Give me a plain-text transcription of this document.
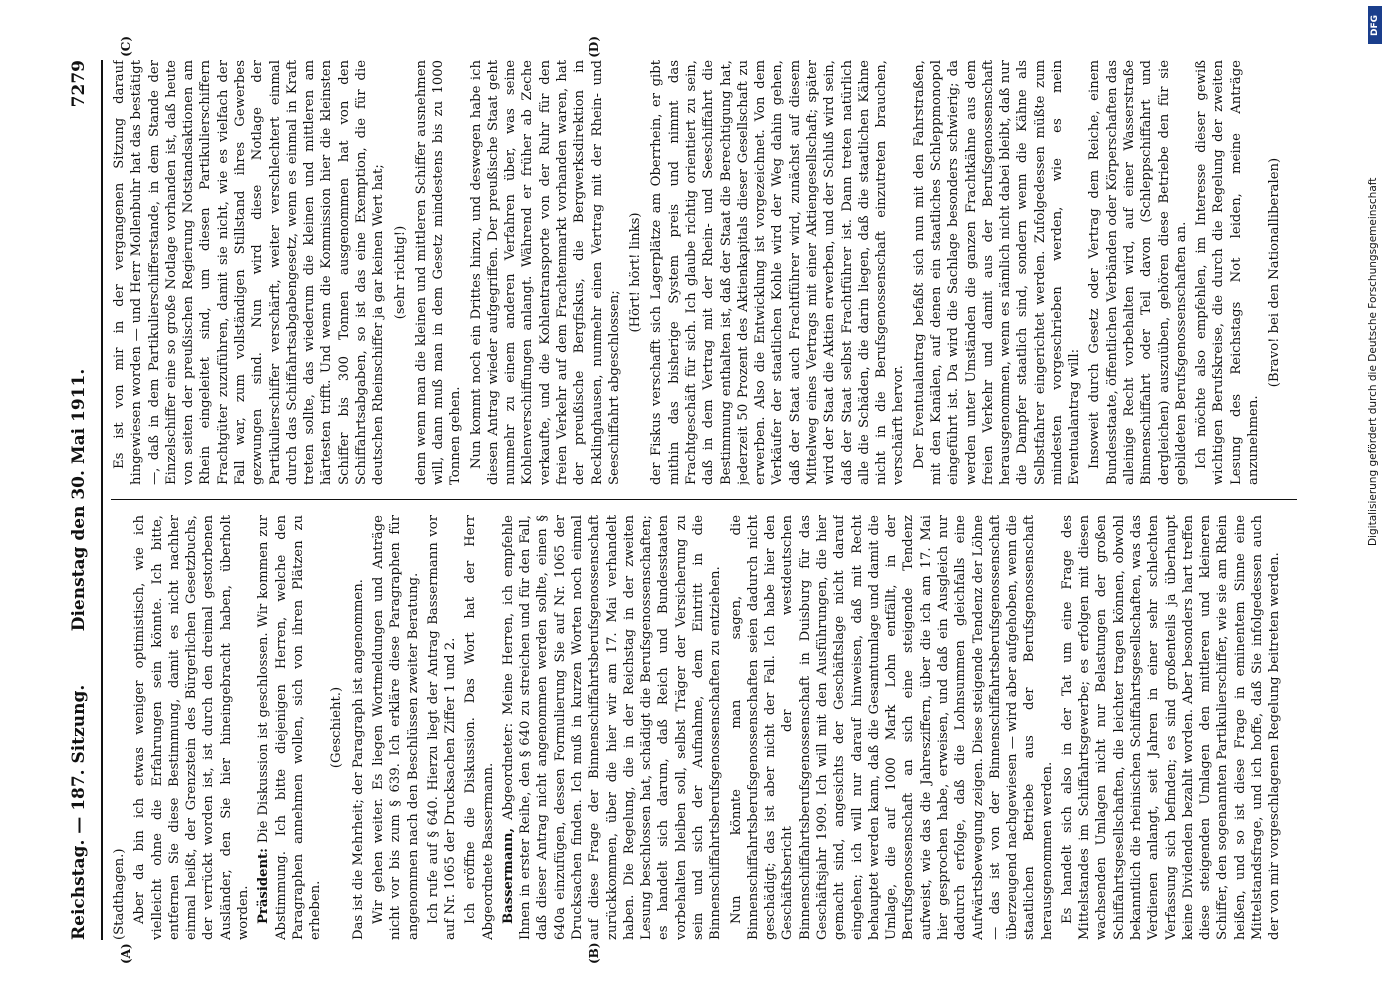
Reichstag. — 187. Sitzung.
Dienstag den 30. Mai 1911.
7279
(A)	(B)
(C)	(D)

(Stadthagen.) Aber da bin ich etwas weniger optimistisch, wie ich vielleicht ohne die Erfahrungen sein könnte. Ich bitte, entfernen Sie diese Bestimmung, damit es nicht nachher einmal heißt, der Grenzstein des Bürgerlichen Gesetzbuchs, der verrückt worden ist, ist durch den dreimal gestorbenen Ausländer, den Sie hier hineingebracht haben, überholt worden. Präsident: Die Diskussion ist geschlossen. Wir kommen zur Abstimmung. Ich bitte diejenigen Herren, welche den Paragraphen annehmen wollen, sich von ihren Plätzen zu erheben.

(Geschieht.) Das ist die Mehrheit; der Paragraph ist angenommen. Wir gehen weiter. Es liegen Wortmeldungen und Anträge nicht vor bis zum § 639. Ich erkläre diese Paragraphen für angenommen nach den Beschlüssen zweiter Beratung. Ich rufe auf § 640. Hierzu liegt der Antrag Bassermann vor auf Nr. 1065 der Drucksachen Ziffer 1 und 2. Ich eröffne die Diskussion. Das Wort hat der Herr Abgeordnete Bassermann. Bassermann, Abgeordneter: Meine Herren, ich empfehle Ihnen in erster Reihe, den § 640 zu streichen und für den Fall, daß dieser Antrag nicht angenommen werden sollte, einen § 640a einzufügen, dessen Formulierung Sie auf Nr. 1065 der Drucksachen finden. Ich muß in kurzen Worten noch einmal auf diese Frage der Binnenschiffahrtsberufsgenossenschaft zurückkommen, über die hier wir am 17. Mai verhandelt haben. Die Regelung, die in der Reichstag in der zweiten Lesung beschlossen hat, schädigt die Berufsgenossenschaften; es handelt sich darum, daß Reich und Bundesstaaten vorbehalten bleiben soll, selbst Träger der Versicherung zu sein und sich der Aufnahme, dem Eintritt in die Binnenschiffahrtsberufsgenossenschaften zu entziehen. Nun könnte man sagen, die Binnenschiffahrtsberufsgenossenschaften seien dadurch nicht geschädigt; das ist aber nicht der Fall. Ich habe hier den Geschäftsbericht der westdeutschen Binnenschiffahrtsberufsgenossenschaft in Duisburg für das Geschäftsjahr 1909. Ich will mit den Ausführungen, die hier gemacht sind, angesichts der Geschäftslage nicht darauf eingehen; ich will nur darauf hinweisen, daß mit Recht behauptet werden kann, daß die Gesamtumlage und damit die Umlage, die auf 1000 Mark Lohn entfällt, in der Berufsgenossenschaft an sich eine steigende Tendenz aufweist, wie das die Jahresziffern, über die ich am 17. Mai hier gesprochen habe, erweisen, und daß ein Ausgleich nur dadurch erfolge, daß die Lohnsummen gleichfalls eine Aufwärtsbewegung zeigen. Diese steigende Tendenz der Löhne — das ist von der Binnenschiffahrtsberufsgenossenschaft überzeugend nachgewiesen — wird aber aufgehoben, wenn die staatlichen Betriebe aus der Berufsgenossenschaft herausgenommen werden. Es handelt sich also in der Tat um eine Frage des Mittelstandes im Schiffahrtsgewerbe; es erfolgen mit diesen wachsenden Umlagen nicht nur Belastungen der großen Schiffahrtsgesellschaften, die leichter tragen können, obwohl bekanntlich die rheinischen Schiffahrtsgesellschaften, was das Verdienen anlangt, seit Jahren in einer sehr schlechten Verfassung sich befinden; es sind großenteils ja überhaupt keine Dividenden bezahlt worden. Aber besonders hart treffen diese steigenden Umlagen den mittleren und kleineren Schiffer, den sogenannten Partikulierschiffer, wie sie am Rhein heißen, und so ist diese Frage in eminentem Sinne eine Mittelstandsfrage, und ich hoffe, daß Sie infolgedessen auch der von mir vorgeschlagenen Regelung beitreten werden.

Es ist von mir in der vergangenen Sitzung darauf hingewiesen worden — und Herr Mollenbuhr hat das bestätigt —, daß in dem Partikulierschifferstande, in dem Stande der Einzelschiffer eine so große Notlage vorhanden ist, daß heute von seiten der preußischen Regierung Notstandsaktionen am Rhein eingeleitet sind, um diesen Partikulierschiffern Frachtgüter zuzuführen, damit sie nicht, wie es vielfach der Fall war, zum vollständigen Stillstand ihres Gewerbes gezwungen sind. Nun wird diese Notlage der Partikulierschiffer verschärft, weiter verschlechtert einmal durch das Schiffahrtsabgabengesetz, wenn es einmal in Kraft treten sollte, das wiederum die kleinen und mittleren am härtesten trifft. Und wenn die Kommission hier die kleinsten Schiffer bis 300 Tonnen ausgenommen hat von den Schiffahrtsabgaben, so ist das eine Exemption, die für die deutschen Rheinschiffer ja gar keinen Wert hat; (sehr richtig!) denn wenn man die kleinen und mittleren Schiffer ausnehmen will, dann muß man in dem Gesetz mindestens bis zu 1000 Tonnen gehen. Nun kommt noch ein Drittes hinzu, und deswegen habe ich diesen Antrag wieder aufgegriffen. Der preußische Staat geht nunmehr zu einem anderen Verfahren über, was seine Kohlenverschiffungen anlangt. Während er früher ab Zeche verkaufte, und die Kohlentransporte von der Ruhr für den freien Verkehr auf dem Frachtenmarkt vorhanden waren, hat der preußische Bergfiskus, die Bergwerksdirektion in Recklinghausen, nunmehr einen Vertrag mit der Rhein- und Seeschiffahrt abgeschlossen;

(Hört! hört! links) der Fiskus verschafft sich Lagerplätze am Oberrhein, er gibt mithin das bisherige System preis und nimmt das Frachtgeschäft für sich. Ich glaube richtig orientiert zu sein, daß in dem Vertrag mit der Rhein- und Seeschiffahrt die Bestimmung enthalten ist, daß der Staat die Berechtigung hat, jederzeit 50 Prozent des Aktienkapitals dieser Gesellschaft zu erwerben. Also die Entwicklung ist vorgezeichnet. Von dem Verkäufer der staatlichen Kohle wird der Weg dahin gehen, daß der Staat auch Frachtführer wird, zunächst auf diesem Mittelweg eines Vertrags mit einer Aktiengesellschaft; später wird der Staat die Aktien erwerben, und der Schluß wird sein, daß der Staat selbst Frachtführer ist. Dann treten natürlich alle die Schäden, die darin liegen, daß die staatlichen Kähne nicht in die Berufsgenossenschaft einzutreten brauchen, verschärft hervor. Der Eventualantrag befaßt sich nun mit den Fahrstraßen, mit den Kanälen, auf denen ein staatliches Schleppmonopol eingeführt ist. Da wird die Sachlage besonders schwierig; da werden unter Umständen die ganzen Frachtkähne aus dem freien Verkehr und damit aus der Berufsgenossenschaft herausgenommen, wenn es nämlich nicht dabei bleibt, daß nur die Dampfer staatlich sind, sondern wenn die Kähne als Selbstfahrer eingerichtet werden. Zufolgedessen müßte zum mindesten vorgeschrieben werden, wie es mein Eventualantrag will: Insoweit durch Gesetz oder Vertrag dem Reiche, einem Bundesstaate, öffentlichen Verbänden oder Körperschaften das alleinige Recht vorbehalten wird, auf einer Wasserstraße Binnenschiffahrt oder Teil davon (Schleppschiffahrt und dergleichen) auszuüben, gehören diese Betriebe den für sie gebildeten Berufsgenossenschaften an. Ich möchte also empfehlen, im Interesse dieser gewiß wichtigen Berufskreise, die durch die Regelung der zweiten Lesung des Reichstags Not leiden, meine Anträge anzunehmen.

(Bravo! bei den Nationalliberalen)	Digitalisierung gefördert durch die Deutsche Forschungsgemeinschaft
DFG
